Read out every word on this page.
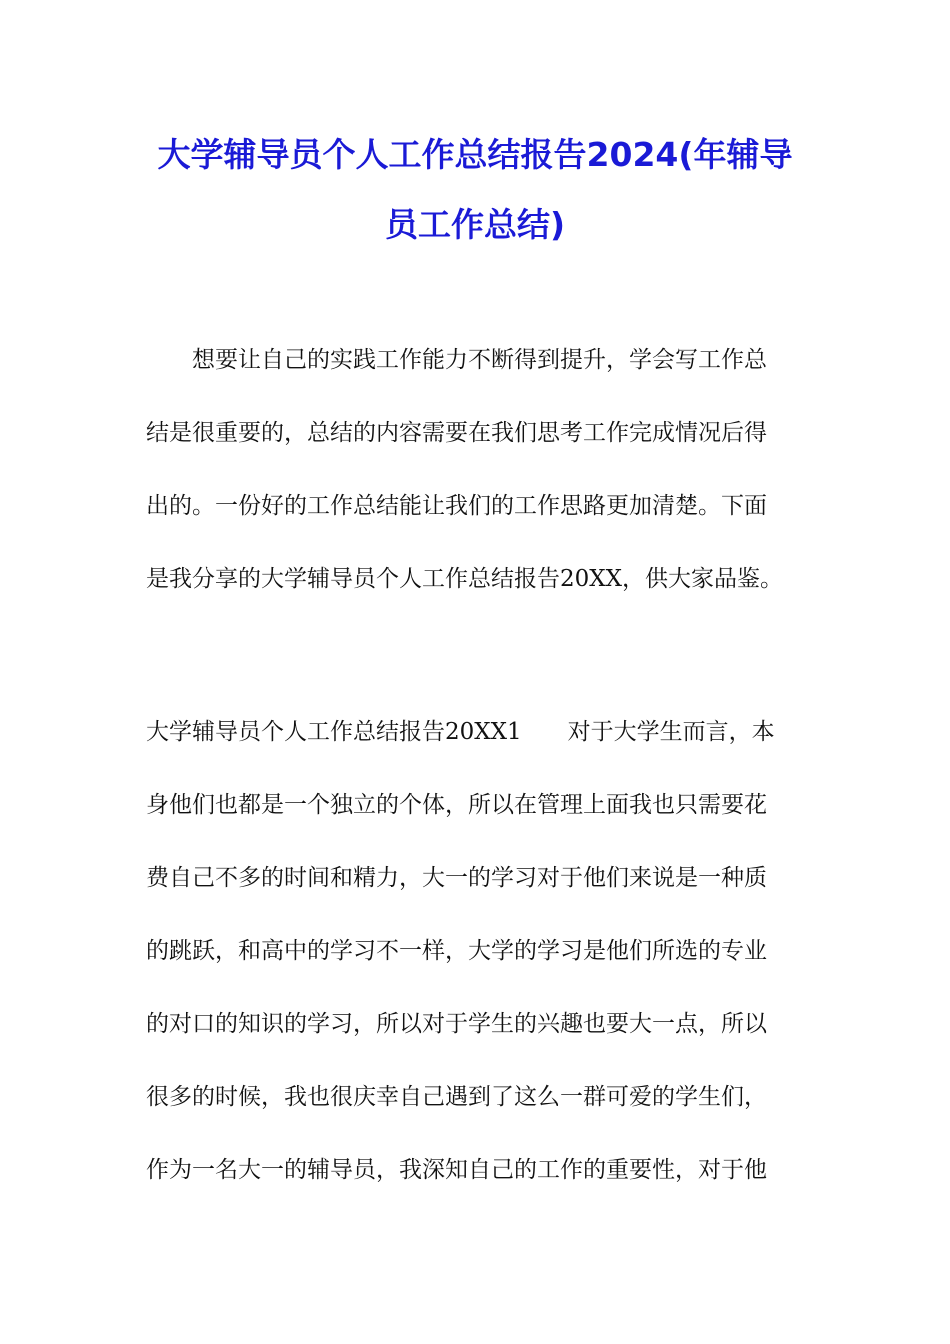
大学辅导员个人工作总结报告2024(年辅导
员工作总结)
想要让自己的实践工作能力不断得到提升，学会写工作总
结是很重要的，总结的内容需要在我们思考工作完成情况后得
出的。一份好的工作总结能让我们的工作思路更加清楚。下面
是我分享的大学辅导员个人工作总结报告20XX，供大家品鉴。
大学辅导员个人工作总结报告20XX1　　对于大学生而言，本
身他们也都是一个独立的个体，所以在管理上面我也只需要花
费自己不多的时间和精力，大一的学习对于他们来说是一种质
的跳跃，和高中的学习不一样，大学的学习是他们所选的专业
的对口的知识的学习，所以对于学生的兴趣也要大一点，所以
很多的时候，我也很庆幸自己遇到了这么一群可爱的学生们，
作为一名大一的辅导员，我深知自己的工作的重要性，对于他
